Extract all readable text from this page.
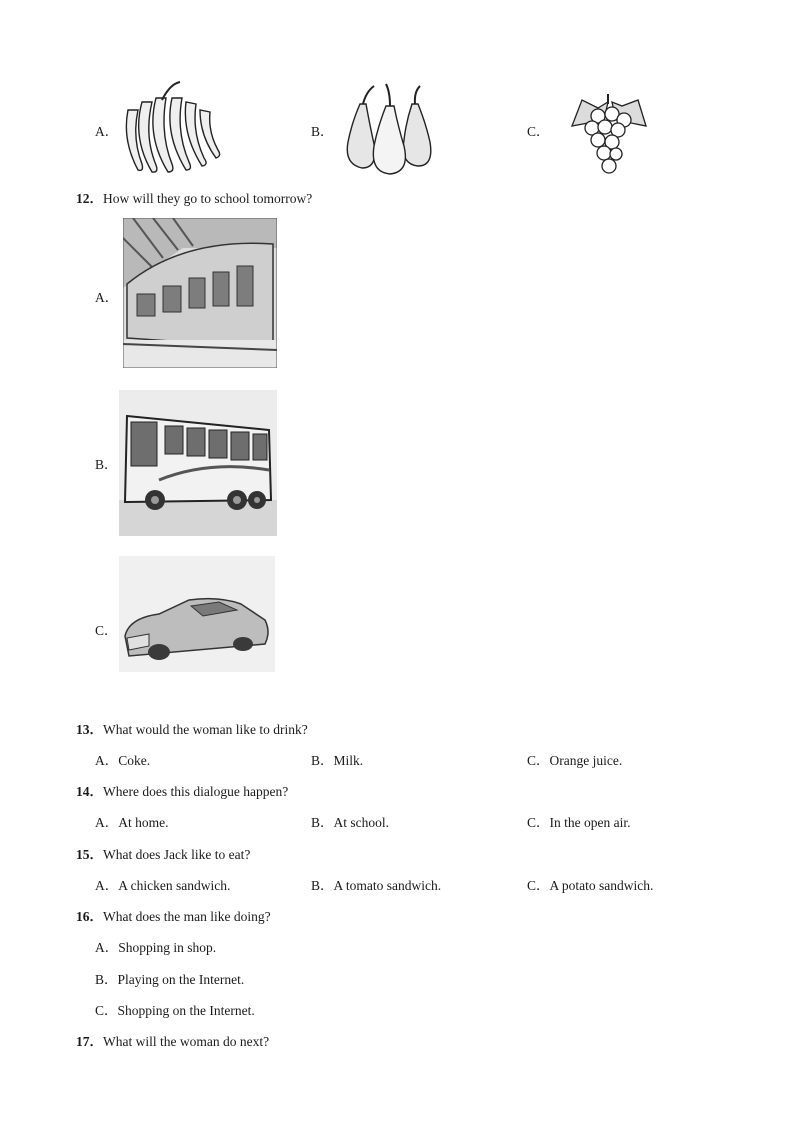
A．	B．	C．
12．How will they go to school tomorrow?
A．
B．
C．
13．What would the woman like to drink?
A．Coke.	B．Milk.	C．Orange juice.
14．Where does this dialogue happen?
A．At home.	B．At school.	C．In the open air.
15．What does Jack like to eat?
A．A chicken sandwich.	B．A tomato sandwich.	C．A potato sandwich.
16．What does the man like doing?
A．Shopping in shop.
B．Playing on the Internet.
C．Shopping on the Internet.
17．What will the woman do next?
